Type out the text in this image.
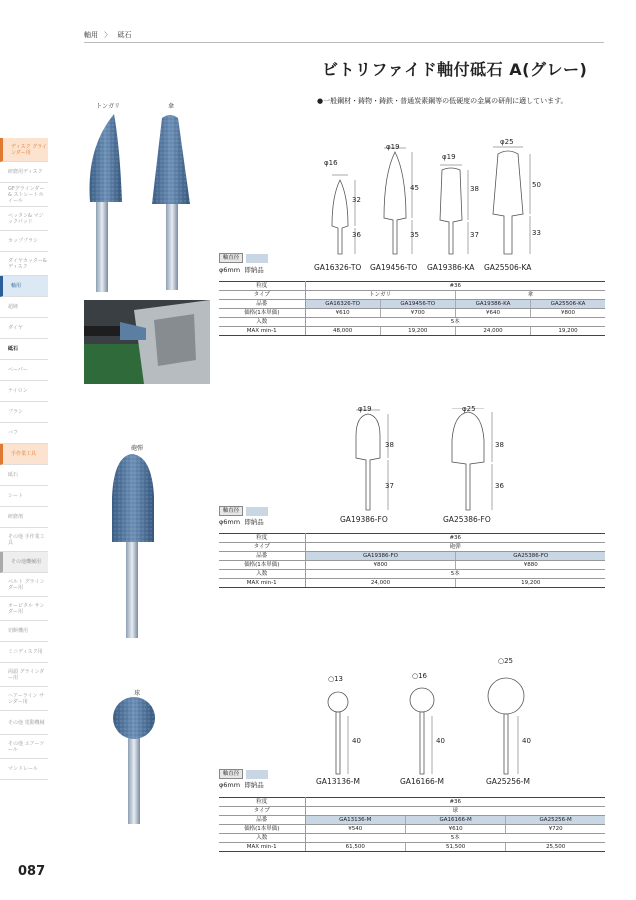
軸用 〉 砥石
ビトリファイド軸付砥石 A(グレー)
●一般鋼材・鋳物・鋳鉄・普通炭素鋼等の低硬度の金属の研削に適しています。
ディスク グラインダー用
研磨用ディスク
GFグラインダー& ストレートホイール
ベッタン& マジックパッド
カップブラシ
ダイヤカッター& ディスク
軸用
超硬
ダイヤ
砥石
ペーパー
ナイロン
ブラシ
バフ
手作業工具
砥石
シート
研磨剤
その他 手作業工具
その他機械用
ベルト グラインダー用
オービタル サンダー用
切断機用
ミニディスク用
両頭 グラインダー用
ヘアーライン サンダー用
その他 電動機械
その他 エアーツール
マンドレール
トンガリ	傘
砲弾
球
φ16
φ19
φ19
φ25
32
36
45
35
38
37
50
33
GA16326-TO GA19456-TO GA19386-KA GA25506-KA
軸直径
φ6mm 即納品
粒度	#36			
タイプ	トンガリ		傘	
品番	GA16326-TO	GA19456-TO	GA19386-KA	GA25506-KA
価格(1本単価)	¥610	¥700	¥640	¥800
入数	5本			
MAX min-1	48,000	19,200	24,000	19,200
φ19	φ25
38
37
38
36
GA19386-FO	GA25386-FO
軸直径
φ6mm 即納品
粒度	#36	
タイプ	砲弾	
品番	GA19386-FO	GA25386-FO
価格(1本単価)	¥800	¥880
入数	5本	
MAX min-1	24,000	19,200
○13	○16
○25
40	40	40
GA13136-M	GA16166-M	GA25256-M
軸直径
φ6mm 即納品
粒度	#36		
タイプ	球		
品番	GA13136-M	GA16166-M	GA25256-M
価格(1本単価)	¥540	¥610	¥720
入数	5本		
MAX min-1	61,500	51,500	25,500
087
